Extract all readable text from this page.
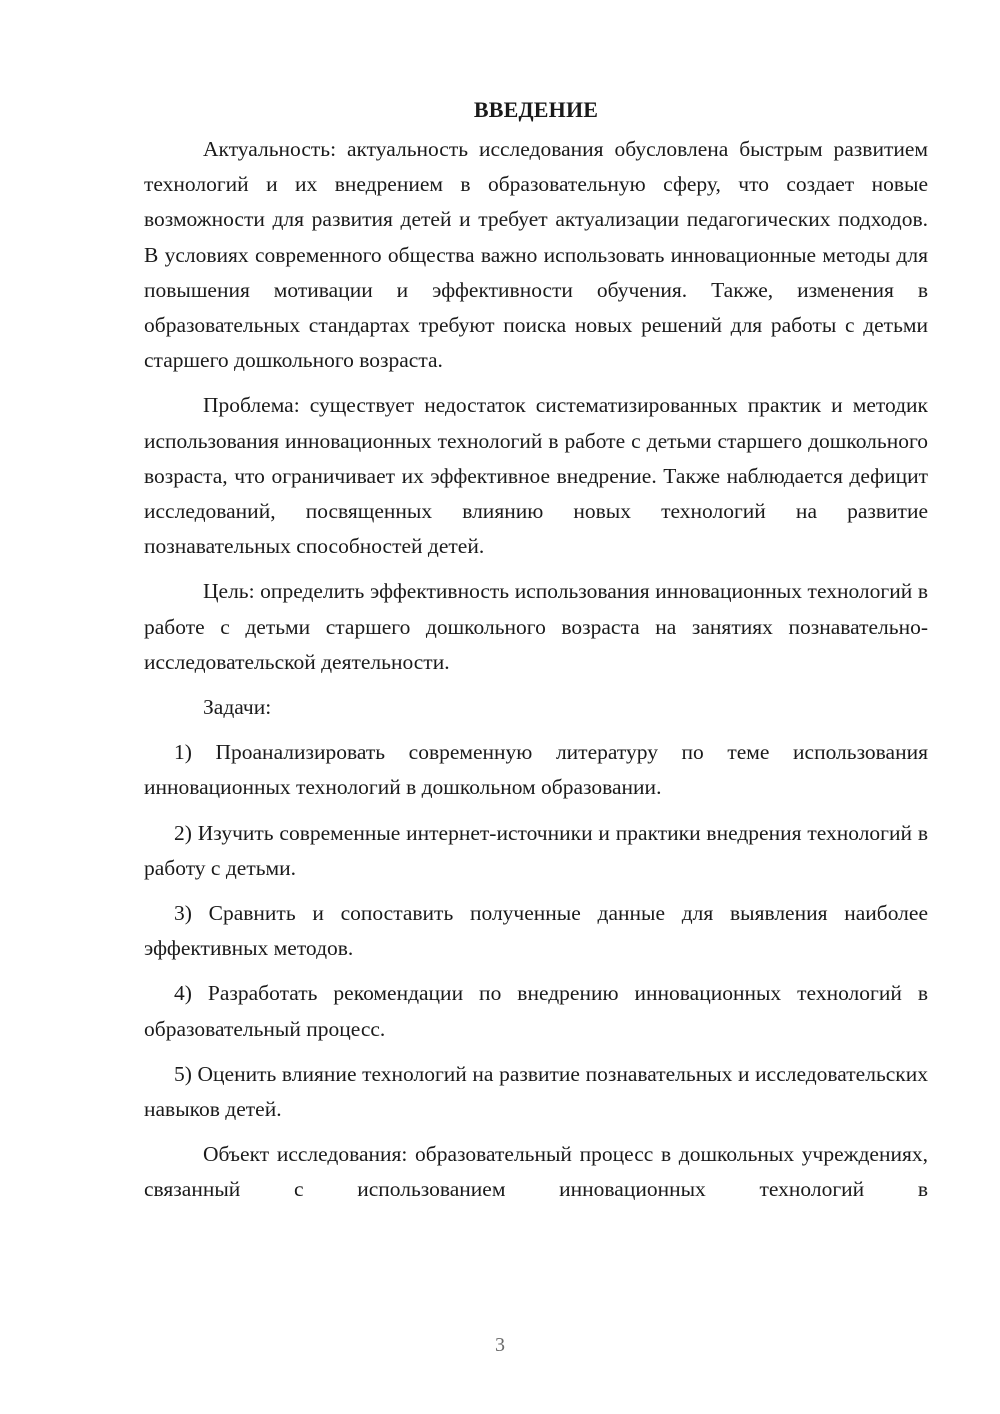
ВВЕДЕНИЕ

Актуальность: актуальность исследования обусловлена быстрым развитием технологий и их внедрением в образовательную сферу, что создает новые возможности для развития детей и требует актуализации педагогических подходов. В условиях современного общества важно использовать инновационные методы для повышения мотивации и эффективности обучения. Также, изменения в образовательных стандартах требуют поиска новых решений для работы с детьми старшего дошкольного возраста.

Проблема: существует недостаток систематизированных практик и методик использования инновационных технологий в работе с детьми старшего дошкольного возраста, что ограничивает их эффективное внедрение. Также наблюдается дефицит исследований, посвященных влиянию новых технологий на развитие познавательных способностей детей.

Цель: определить эффективность использования инновационных технологий в работе с детьми старшего дошкольного возраста на занятиях познавательно-исследовательской деятельности.

Задачи:

1) Проанализировать современную литературу по теме использования инновационных технологий в дошкольном образовании.

2) Изучить современные интернет-источники и практики внедрения технологий в работу с детьми.

3) Сравнить и сопоставить полученные данные для выявления наиболее эффективных методов.

4) Разработать рекомендации по внедрению инновационных технологий в образовательный процесс.

5) Оценить влияние технологий на развитие познавательных и исследовательских навыков детей.

Объект исследования: образовательный процесс в дошкольных учреждениях, связанный с использованием инновационных технологий в

3
